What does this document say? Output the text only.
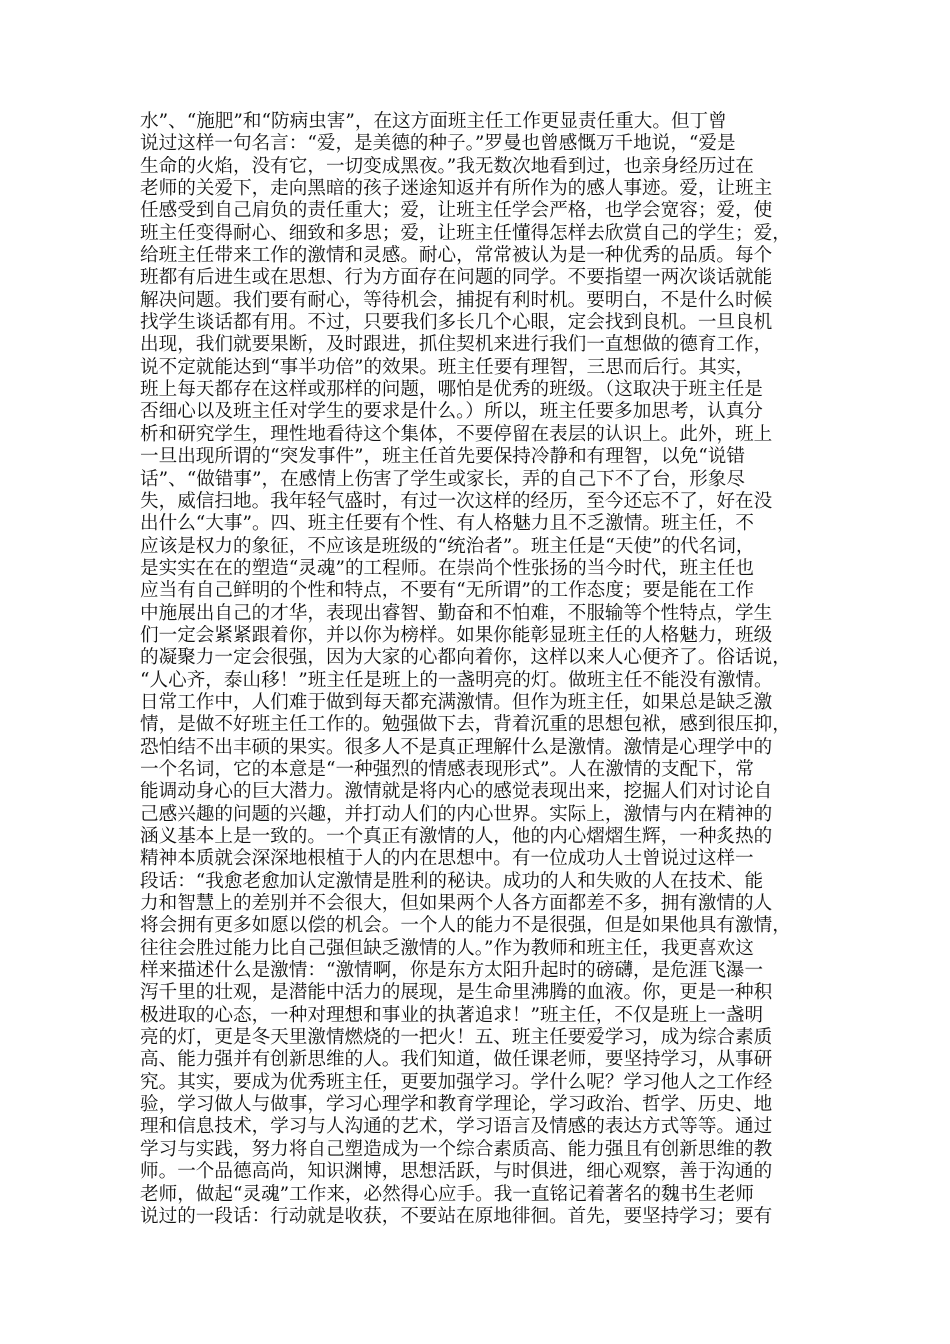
水”、“施肥”和“防病虫害”，在这方面班主任工作更显责任重大。但丁曾
说过这样一句名言：“爱，是美德的种子。”罗曼也曾感慨万千地说，“爱是
生命的火焰，没有它，一切变成黑夜。”我无数次地看到过，也亲身经历过在
老师的关爱下，走向黑暗的孩子迷途知返并有所作为的感人事迹。爱，让班主
任感受到自己肩负的责任重大；爱，让班主任学会严格，也学会宽容；爱，使
班主任变得耐心、细致和多思；爱，让班主任懂得怎样去欣赏自己的学生；爱，
给班主任带来工作的激情和灵感。耐心，常常被认为是一种优秀的品质。每个
班都有后进生或在思想、行为方面存在问题的同学。不要指望一两次谈话就能
解决问题。我们要有耐心，等待机会，捕捉有利时机。要明白，不是什么时候
找学生谈话都有用。不过，只要我们多长几个心眼，定会找到良机。一旦良机
出现，我们就要果断，及时跟进，抓住契机来进行我们一直想做的德育工作，
说不定就能达到“事半功倍”的效果。班主任要有理智，三思而后行。其实，
班上每天都存在这样或那样的问题，哪怕是优秀的班级。（这取决于班主任是
否细心以及班主任对学生的要求是什么。）所以，班主任要多加思考，认真分
析和研究学生，理性地看待这个集体，不要停留在表层的认识上。此外，班上
一旦出现所谓的“突发事件”，班主任首先要保持冷静和有理智，以免“说错
话”、“做错事”，在感情上伤害了学生或家长，弄的自己下不了台，形象尽
失，威信扫地。我年轻气盛时，有过一次这样的经历，至今还忘不了，好在没
出什么“大事”。四、班主任要有个性、有人格魅力且不乏激情。班主任，不
应该是权力的象征，不应该是班级的“统治者”。班主任是“天使”的代名词，
是实实在在的塑造“灵魂”的工程师。在崇尚个性张扬的当今时代，班主任也
应当有自己鲜明的个性和特点，不要有“无所谓”的工作态度；要是能在工作
中施展出自己的才华，表现出睿智、勤奋和不怕难，不服输等个性特点，学生
们一定会紧紧跟着你，并以你为榜样。如果你能彰显班主任的人格魅力，班级
的凝聚力一定会很强，因为大家的心都向着你，这样以来人心便齐了。俗话说，
“人心齐，泰山移！”班主任是班上的一盏明亮的灯。做班主任不能没有激情。
日常工作中，人们难于做到每天都充满激情。但作为班主任，如果总是缺乏激
情，是做不好班主任工作的。勉强做下去，背着沉重的思想包袱，感到很压抑，
恐怕结不出丰硕的果实。很多人不是真正理解什么是激情。激情是心理学中的
一个名词，它的本意是“一种强烈的情感表现形式”。人在激情的支配下，常
能调动身心的巨大潜力。激情就是将内心的感觉表现出来，挖掘人们对讨论自
己感兴趣的问题的兴趣，并打动人们的内心世界。实际上，激情与内在精神的
涵义基本上是一致的。一个真正有激情的人，他的内心熠熠生辉，一种炙热的
精神本质就会深深地根植于人的内在思想中。有一位成功人士曾说过这样一
段话：“我愈老愈加认定激情是胜利的秘诀。成功的人和失败的人在技术、能
力和智慧上的差别并不会很大，但如果两个人各方面都差不多，拥有激情的人
将会拥有更多如愿以偿的机会。一个人的能力不是很强，但是如果他具有激情，
往往会胜过能力比自己强但缺乏激情的人。”作为教师和班主任，我更喜欢这
样来描述什么是激情：“激情啊，你是东方太阳升起时的磅礴，是危涯飞瀑一
泻千里的壮观，是潜能中活力的展现，是生命里沸腾的血液。你，更是一种积
极进取的心态，一种对理想和事业的执著追求！”班主任，不仅是班上一盏明
亮的灯，更是冬天里激情燃烧的一把火！五、班主任要爱学习，成为综合素质
高、能力强并有创新思维的人。我们知道，做任课老师，要坚持学习，从事研
究。其实，要成为优秀班主任，更要加强学习。学什么呢？学习他人之工作经
验，学习做人与做事，学习心理学和教育学理论，学习政治、哲学、历史、地
理和信息技术，学习与人沟通的艺术，学习语言及情感的表达方式等等。通过
学习与实践，努力将自己塑造成为一个综合素质高、能力强且有创新思维的教
师。一个品德高尚，知识渊博，思想活跃，与时俱进，细心观察，善于沟通的
老师，做起“灵魂”工作来，必然得心应手。我一直铭记着著名的魏书生老师
说过的一段话：行动就是收获，不要站在原地徘徊。首先，要坚持学习；要有
